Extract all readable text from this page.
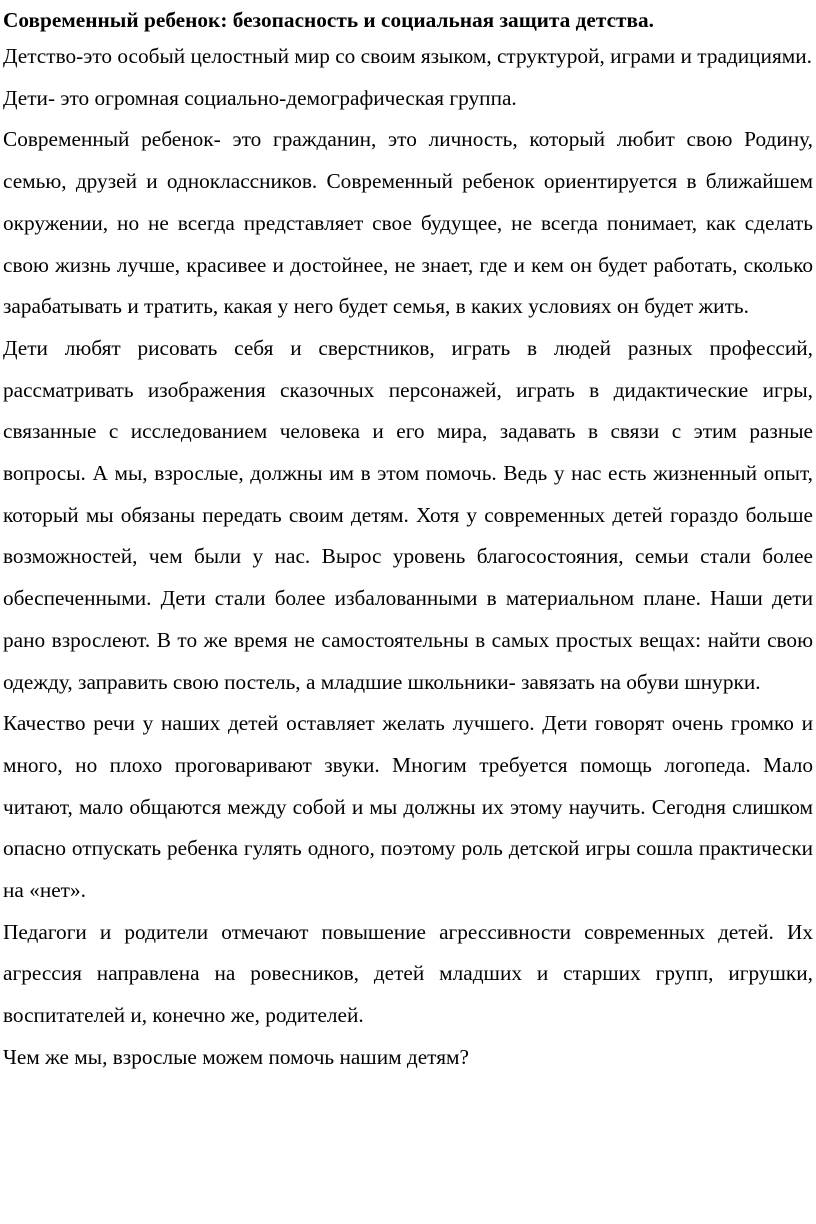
Современный ребенок: безопасность и социальная защита детства.

Детство-это особый целостный мир со своим языком, структурой, играми и традициями.

Дети- это огромная социально-демографическая группа.

Современный ребенок- это гражданин, это личность, который любит свою Родину, семью, друзей и одноклассников. Современный ребенок ориентируется в ближайшем окружении, но не всегда представляет свое будущее, не всегда понимает, как сделать свою жизнь лучше, красивее и достойнее, не знает, где и кем он будет работать, сколько зарабатывать и тратить, какая у него будет семья, в каких условиях он будет жить.

Дети любят рисовать себя и сверстников, играть в людей разных профессий, рассматривать изображения сказочных персонажей, играть в дидактические игры, связанные с исследованием человека и его мира, задавать в связи с этим разные вопросы. А мы, взрослые, должны им в этом помочь. Ведь у нас есть жизненный опыт, который мы обязаны передать своим детям. Хотя у современных детей гораздо больше возможностей, чем были у нас. Вырос уровень благосостояния, семьи стали более обеспеченными. Дети стали более избалованными в материальном плане. Наши дети рано взрослеют. В то же время не самостоятельны в самых простых вещах: найти свою одежду, заправить свою постель, а младшие школьники- завязать на обуви шнурки.

Качество речи у наших детей оставляет желать лучшего. Дети говорят очень громко и много, но плохо проговаривают звуки. Многим требуется помощь логопеда. Мало читают, мало общаются между собой и мы должны их этому научить. Сегодня слишком опасно отпускать ребенка гулять одного, поэтому роль детской игры сошла практически на «нет».

Педагоги и родители отмечают повышение агрессивности современных детей. Их агрессия направлена на ровесников, детей младших и старших групп, игрушки, воспитателей и, конечно же, родителей.

Чем же мы, взрослые можем помочь нашим детям?
